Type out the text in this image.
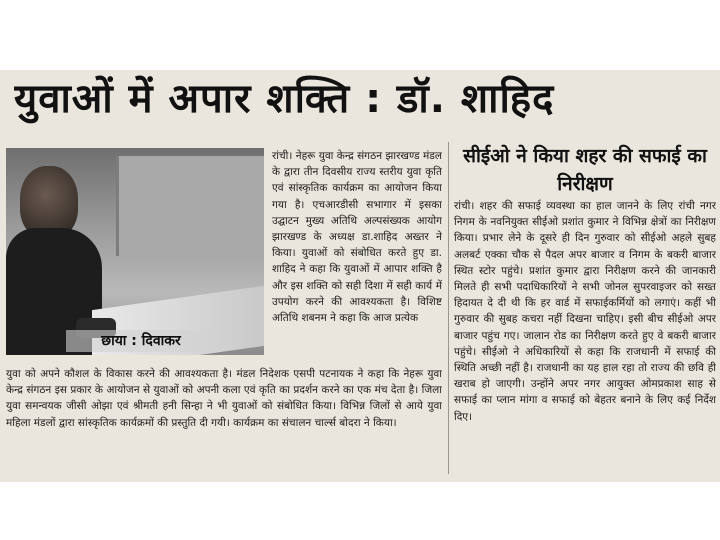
युवाओं में अपार शक्ति : डॉ. शाहिद
छाया : दिवाकर
रांची। नेहरू युवा केन्द्र संगठन झारखण्ड मंडल के द्वारा तीन दिवसीय राज्य स्तरीय युवा कृति एवं सांस्कृतिक कार्यक्रम का आयोजन किया गया है। एचआरडीसी सभागार में इसका उद्घाटन मुख्य अतिथि अल्पसंख्यक आयोग झारखण्ड के अध्यक्ष डा.शाहिद अख्तर ने किया। युवाओं को संबोधित करते हुए डा. शाहिद ने कहा कि युवाओं में आपार शक्ति है और इस शक्ति को सही दिशा में सही कार्य में उपयोग करने की आवश्यकता है। विशिष्ट अतिथि शबनम ने कहा कि आज प्रत्येक
युवा को अपने कौशल के विकास करने की आवश्यकता है। मंडल निदेशक एसपी पटनायक ने कहा कि नेहरू युवा केन्द्र संगठन इस प्रकार के आयोजन से युवाओं को अपनी कला एवं कृति का प्रदर्शन करने का एक मंच देता है। जिला युवा समन्वयक जीसी ओझा एवं श्रीमती हनी सिन्हा ने भी युवाओं को संबोधित किया। विभिन्न जिलों से आये युवा महिला मंडलों द्वारा सांस्कृतिक कार्यक्रमों की प्रस्तुति दी गयी। कार्यक्रम का संचालन चार्ल्स बोदरा ने किया।
सीईओ ने किया शहर की सफाई का निरीक्षण
रांची। शहर की सफाई व्यवस्था का हाल जानने के लिए रांची नगर निगम के नवनियुक्त सीईओ प्रशांत कुमार ने विभिन्न क्षेत्रों का निरीक्षण किया। प्रभार लेने के दूसरे ही दिन गुरुवार को सीईओ अहले सुबह अलबर्ट एक्का चौक से पैदल अपर बाजार व निगम के बकरी बाजार स्थित स्टोर पहुंचे। प्रशांत कुमार द्वारा निरीक्षण करने की जानकारी मिलते ही सभी पदाधिकारियों ने सभी जोनल सुपरवाइजर को सख्त हिदायत दे दी थी कि हर वार्ड में सफाईकर्मियों को लगाएं। कहीं भी गुरुवार की सुबह कचरा नहीं दिखना चाहिए। इसी बीच सीईओ अपर बाजार पहुंच गए। जालान रोड का निरीक्षण करते हुए वे बकरी बाजार पहुंचे। सीईओ ने अधिकारियों से कहा कि राजधानी में सफाई की स्थिति अच्छी नहीं है। राजधानी का यह हाल रहा तो राज्य की छवि ही खराब हो जाएगी। उन्होंने अपर नगर आयुक्त ओमप्रकाश साह से सफाई का प्लान मांगा व सफाई को बेहतर बनाने के लिए कई निर्देश दिए।
